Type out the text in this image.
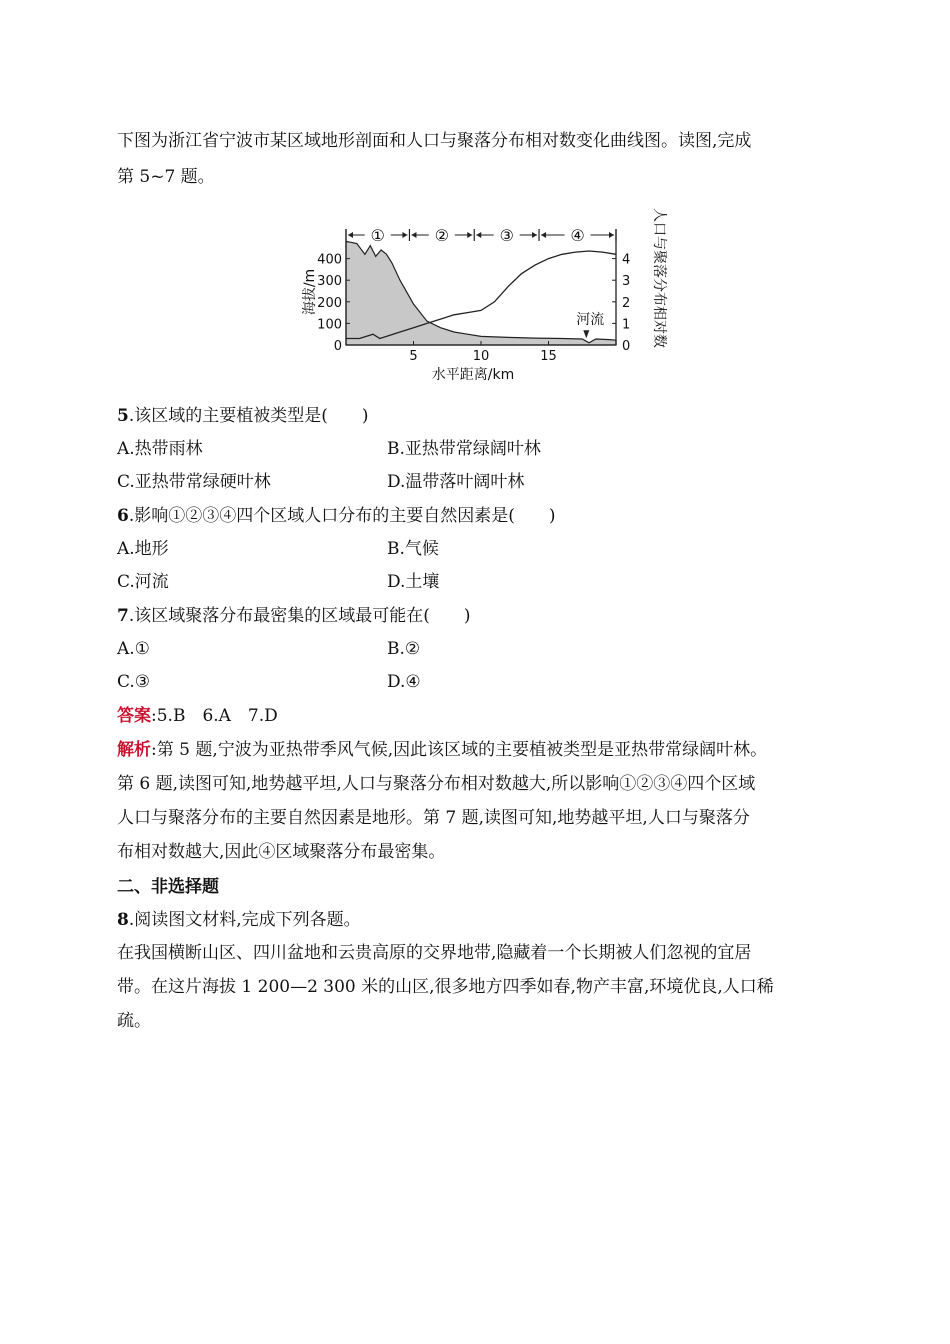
下图为浙江省宁波市某区域地形剖面和人口与聚落分布相对数变化曲线图。读图,完成
第 5~7 题。
0
100
200
300
400
0
1
2
3
4
5	10	15
水平距离/km
海拔/m	人口与聚落分布相对数
①	②	③	④
河流
5.该区域的主要植被类型是(　　)
A.热带雨林	B.亚热带常绿阔叶林
C.亚热带常绿硬叶林	D.温带落叶阔叶林
6.影响①②③④四个区域人口分布的主要自然因素是(　　)
A.地形	B.气候
C.河流	D.土壤
7.该区域聚落分布最密集的区域最可能在(　　)
A.①	B.②
C.③	D.④
答案:5.B　6.A　7.D
解析:第 5 题,宁波为亚热带季风气候,因此该区域的主要植被类型是亚热带常绿阔叶林。
第 6 题,读图可知,地势越平坦,人口与聚落分布相对数越大,所以影响①②③④四个区域
人口与聚落分布的主要自然因素是地形。第 7 题,读图可知,地势越平坦,人口与聚落分
布相对数越大,因此④区域聚落分布最密集。
二、非选择题
8.阅读图文材料,完成下列各题。
在我国横断山区、四川盆地和云贵高原的交界地带,隐藏着一个长期被人们忽视的宜居
带。在这片海拔 1 200—2 300 米的山区,很多地方四季如春,物产丰富,环境优良,人口稀
疏。
